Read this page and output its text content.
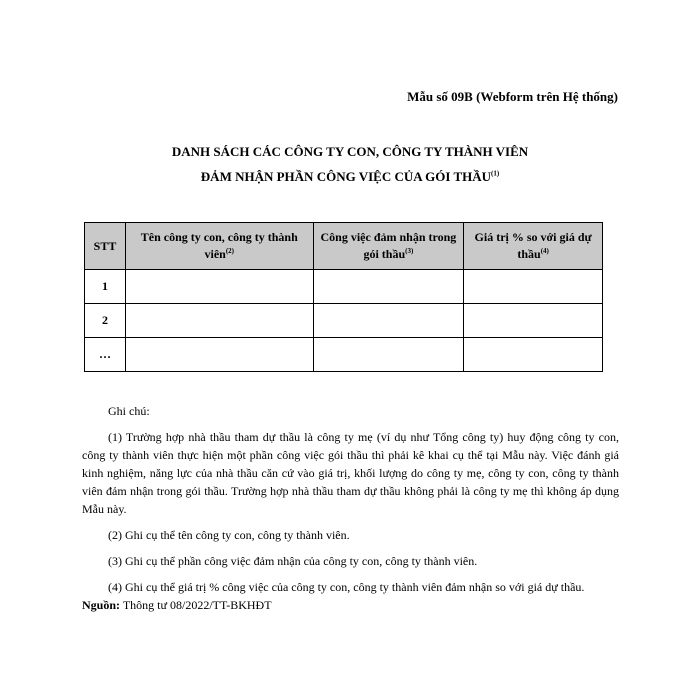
Mẫu số 09B (Webform trên Hệ thống)
DANH SÁCH CÁC CÔNG TY CON, CÔNG TY THÀNH VIÊN
ĐẢM NHẬN PHẦN CÔNG VIỆC CỦA GÓI THẦU$^{(1)}$
STT	Tên công ty con, công ty thành viên$^{(2)}$	Công việc đảm nhận trong gói thầu$^{(3)}$	Giá trị % so với giá dự thầu$^{(4)}$
1			
2			
…			

Ghi chú:

(1) Trường hợp nhà thầu tham dự thầu là công ty mẹ (ví dụ như Tổng công ty) huy động công ty con, công ty thành viên thực hiện một phần công việc gói thầu thì phải kê khai cụ thể tại Mẫu này. Việc đánh giá kinh nghiệm, năng lực của nhà thầu căn cứ vào giá trị, khối lượng do công ty mẹ, công ty con, công ty thành viên đảm nhận trong gói thầu. Trường hợp nhà thầu tham dự thầu không phải là công ty mẹ thì không áp dụng Mẫu này.

(2) Ghi cụ thể tên công ty con, công ty thành viên.

(3) Ghi cụ thể phần công việc đảm nhận của công ty con, công ty thành viên.

(4) Ghi cụ thể giá trị % công việc của công ty con, công ty thành viên đảm nhận so với giá dự thầu.

Nguồn: Thông tư 08/2022/TT-BKHĐT
